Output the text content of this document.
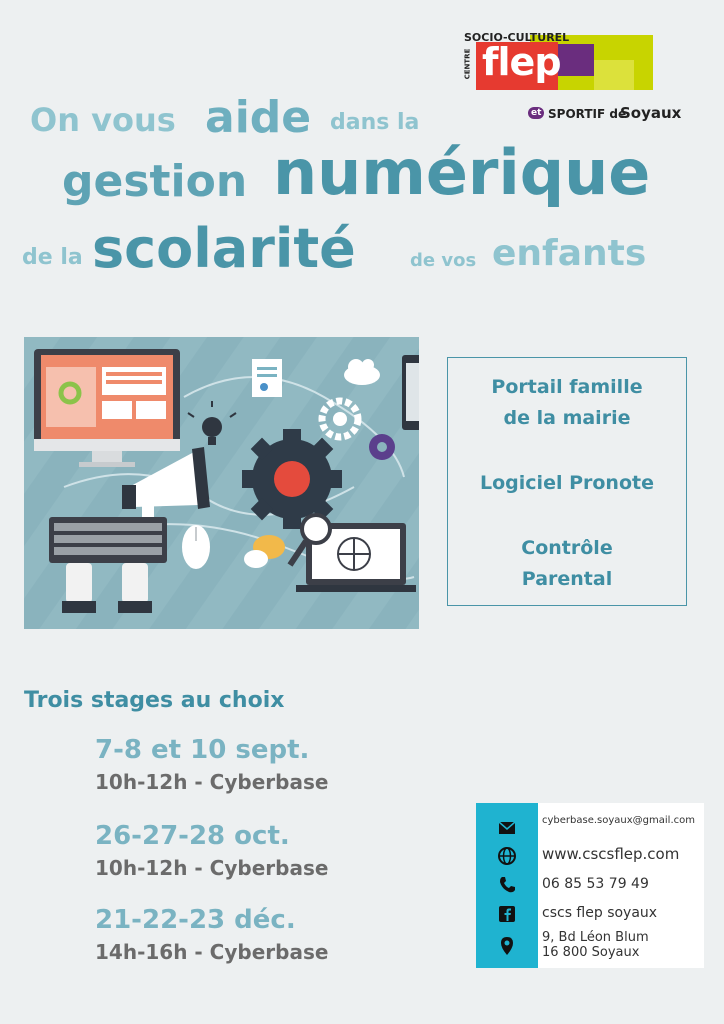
SOCIO-CULTUREL
CENTRE flep
et SPORTIF de
Soyaux
On vous aide dans la
gestion numérique
de la scolarité	de vos enfants
Portail famille
de la mairie
Logiciel Pronote
Contrôle
Parental
Trois stages au choix
7-8 et 10 sept.
10h-12h - Cyberbase
26-27-28 oct.
10h-12h - Cyberbase
21-22-23 déc.
14h-16h - Cyberbase
cyberbase.soyaux@gmail.com
www.cscsflep.com
06 85 53 79 49
cscs flep soyaux
9, Bd Léon Blum
16 800 Soyaux
